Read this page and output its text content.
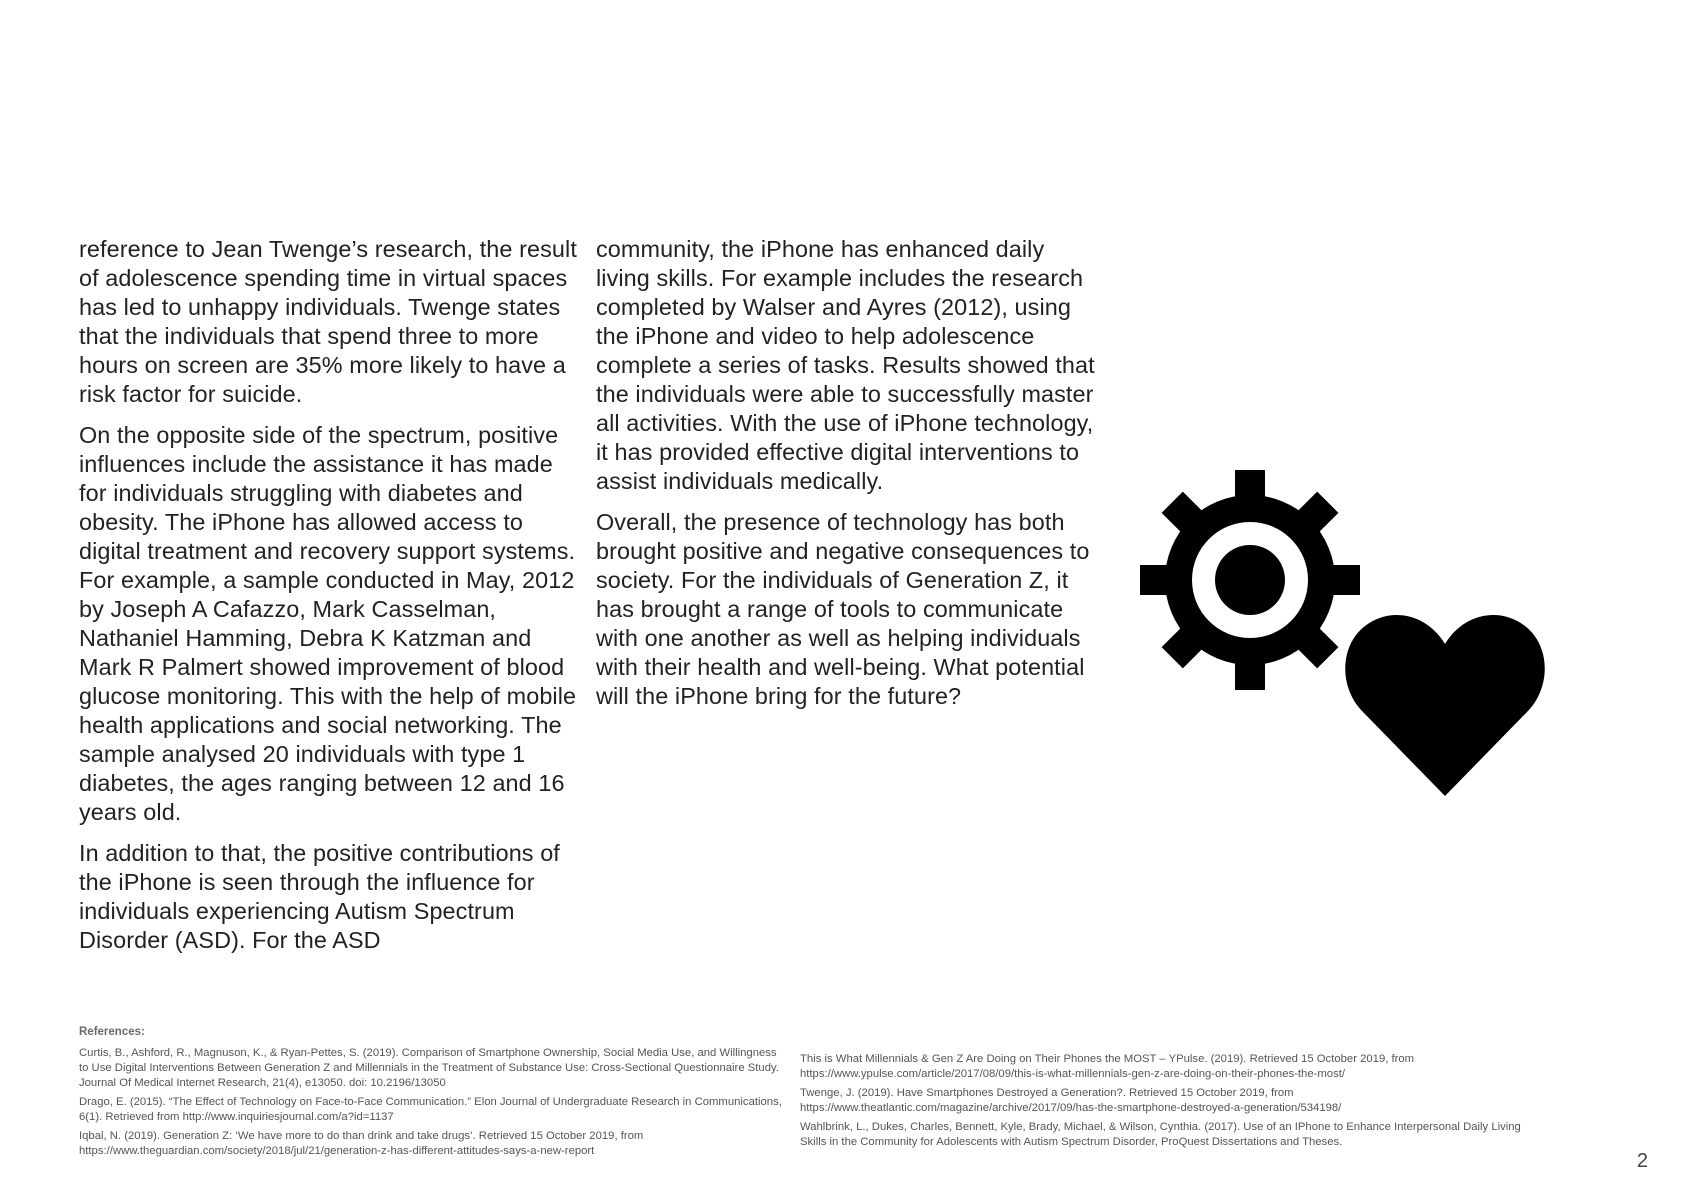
reference to Jean Twenge’s research, the result of adolescence spending time in virtual spaces has led to unhappy individuals. Twenge states that the individuals that spend three to more hours on screen are 35% more likely to have a risk factor for suicide.

On the opposite side of the spectrum, positive influences include the assistance it has made for individuals struggling with diabetes and obesity. The iPhone has allowed access to digital treatment and recovery support systems. For example, a sample conducted in May, 2012 by Joseph A Cafazzo, Mark Casselman, Nathaniel Hamming, Debra K Katzman and Mark R Palmert showed improvement of blood glucose monitoring. This with the help of mobile health applications and social networking. The sample analysed 20 individuals with type 1 diabetes, the ages ranging between 12 and 16 years old.

In addition to that, the positive contributions of the iPhone is seen through the influence for individuals experiencing Autism Spectrum Disorder (ASD). For the ASD

community, the iPhone has enhanced daily living skills. For example includes the research completed by Walser and Ayres (2012), using the iPhone and video to help adolescence complete a series of tasks. Results showed that the individuals were able to successfully master all activities. With the use of iPhone technology, it has provided effective digital interventions to assist individuals medically.

Overall, the presence of technology has both brought positive and negative consequences to society. For the individuals of Generation Z, it has brought a range of tools to communicate with one another as well as helping individuals with their health and well-being. What potential will the iPhone bring for the future?

References:

Curtis, B., Ashford, R., Magnuson, K., & Ryan-Pettes, S. (2019). Comparison of Smartphone Ownership, Social Media Use, and Willingness to Use Digital Interventions Between Generation Z and Millennials in the Treatment of Substance Use: Cross-Sectional Questionnaire Study. Journal Of Medical Internet Research, 21(4), e13050. doi: 10.2196/13050

Drago, E. (2015). “The Effect of Technology on Face-to-Face Communication.” Elon Journal of Undergraduate Research in Communications, 6(1). Retrieved from http://www.inquiriesjournal.com/a?id=1137

Iqbal, N. (2019). Generation Z: ‘We have more to do than drink and take drugs’. Retrieved 15 October 2019, from https://www.theguardian.com/society/2018/jul/21/generation-z-has-different-attitudes-says-a-new-report

This is What Millennials & Gen Z Are Doing on Their Phones the MOST – YPulse. (2019). Retrieved 15 October 2019, from https://www.ypulse.com/article/2017/08/09/this-is-what-millennials-gen-z-are-doing-on-their-phones-the-most/

Twenge, J. (2019). Have Smartphones Destroyed a Generation?. Retrieved 15 October 2019, from https://www.theatlantic.com/magazine/archive/2017/09/has-the-smartphone-destroyed-a-generation/534198/

Wahlbrink, L., Dukes, Charles, Bennett, Kyle, Brady, Michael, & Wilson, Cynthia. (2017). Use of an IPhone to Enhance Interpersonal Daily Living Skills in the Community for Adolescents with Autism Spectrum Disorder, ProQuest Dissertations and Theses.

2
